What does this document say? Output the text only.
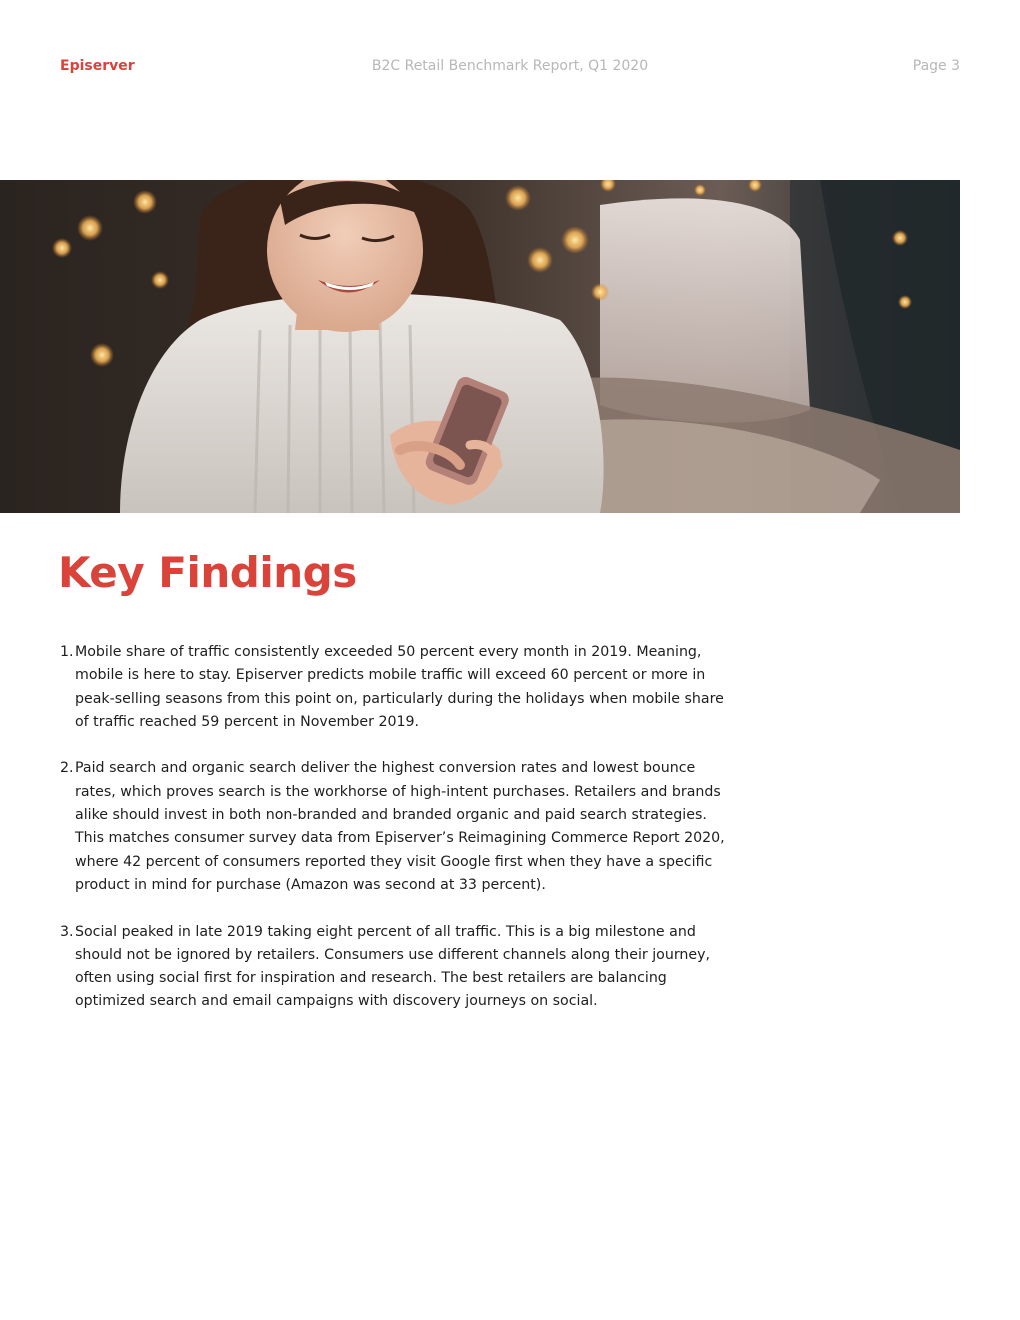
B2C Retail Benchmark Report, Q1 2020
Episerver	Page 3
Key Findings
1. Mobile share of traffic consistently exceeded 50 percent every month in 2019. Meaning, mobile is here to stay. Episerver predicts mobile traffic will exceed 60 percent or more in peak-selling seasons from this point on, particularly during the holidays when mobile share of traffic reached 59 percent in November 2019.
2. Paid search and organic search deliver the highest conversion rates and lowest bounce rates, which proves search is the workhorse of high-intent purchases. Retailers and brands alike should invest in both non-branded and branded organic and paid search strategies. This matches consumer survey data from Episerver’s Reimagining Commerce Report 2020, where 42 percent of consumers reported they visit Google first when they have a specific product in mind for purchase (Amazon was second at 33 percent).
3. Social peaked in late 2019 taking eight percent of all traffic. This is a big milestone and should not be ignored by retailers. Consumers use different channels along their journey, often using social first for inspiration and research. The best retailers are balancing optimized search and email campaigns with discovery journeys on social.
